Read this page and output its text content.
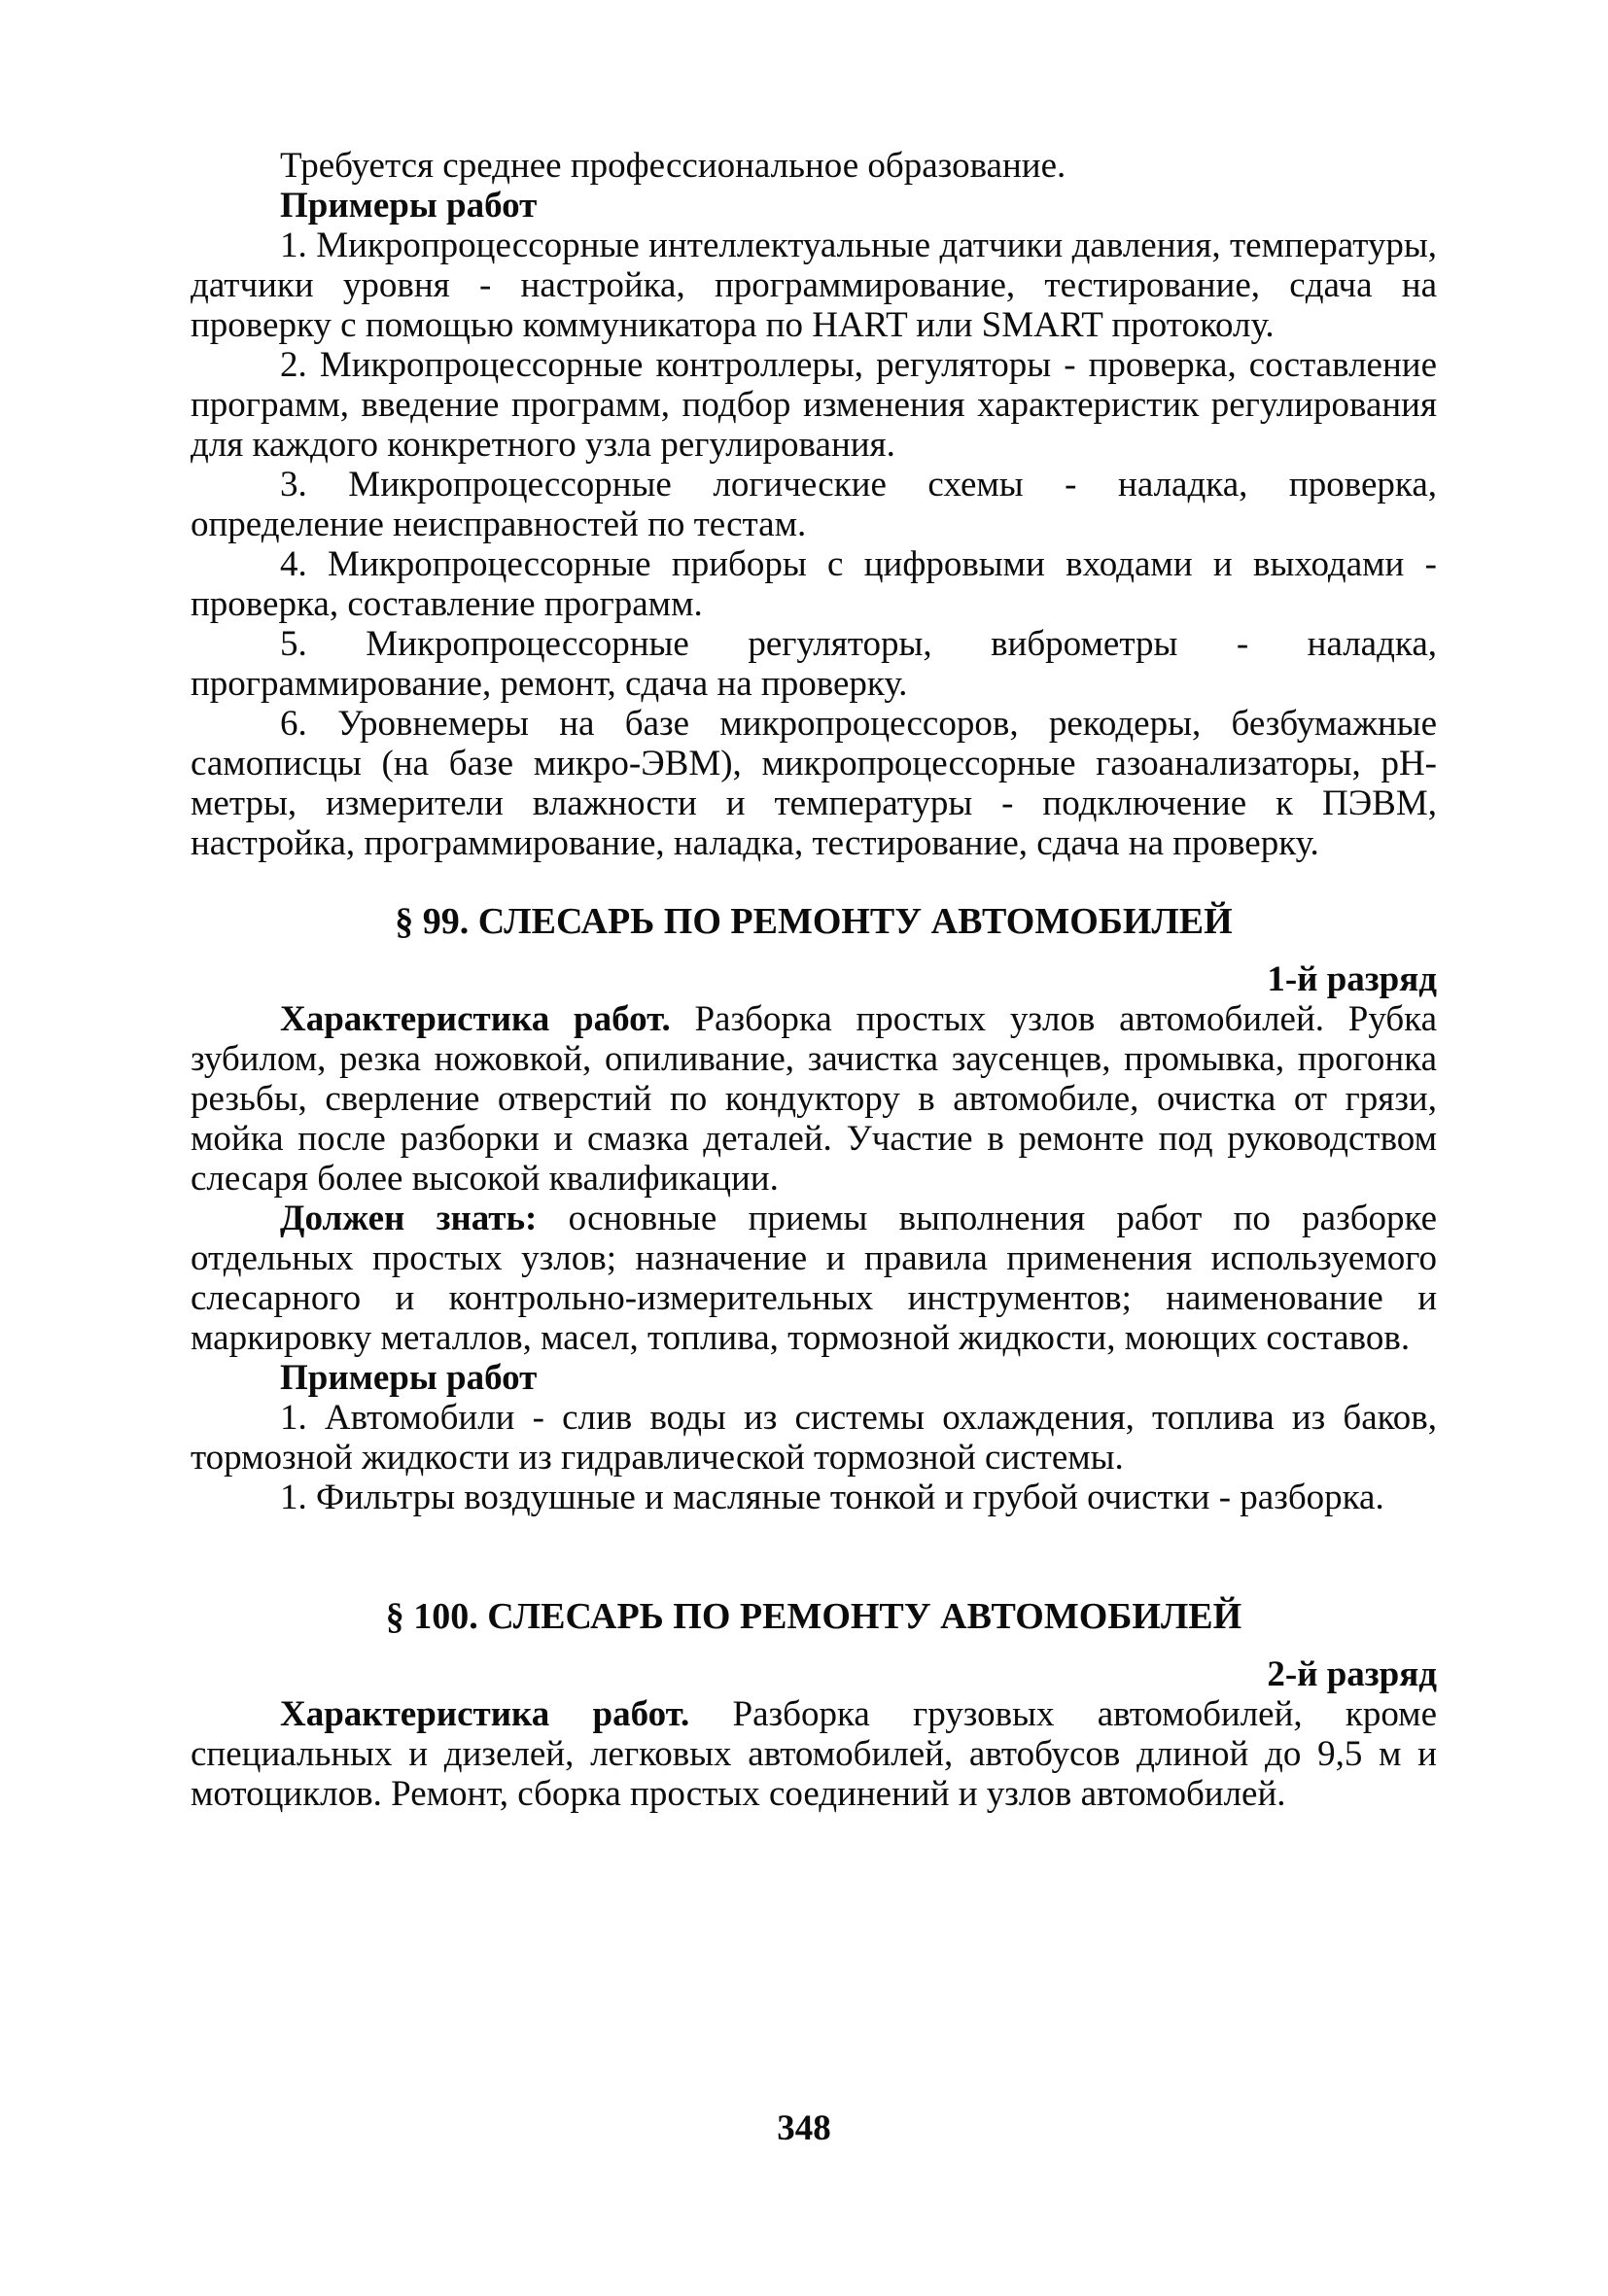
Требуется среднее профессиональное образование.

Примеры работ

1. Микропроцессорные интеллектуальные датчики давления, температуры, датчики уровня - настройка, программирование, тестирование, сдача на проверку с помощью коммуникатора по HART или SMART протоколу.

2. Микропроцессорные контроллеры, регуляторы - проверка, составление программ, введение программ, подбор изменения характеристик регулирования для каждого конкретного узла регулирования.

3. Микропроцессорные логические схемы - наладка, проверка, определение неисправностей по тестам.

4. Микропроцессорные приборы с цифровыми входами и выходами - проверка, составление программ.

5. Микропроцессорные регуляторы, виброметры - наладка, программирование, ремонт, сдача на проверку.

6. Уровнемеры на базе микропроцессоров, рекодеры, безбумажные самописцы (на базе микро-ЭВМ), микропроцессорные газоанализаторы, pH-метры, измерители влажности и температуры - подключение к ПЭВМ, настройка, программирование, наладка, тестирование, сдача на проверку.

§ 99. СЛЕСАРЬ ПО РЕМОНТУ АВТОМОБИЛЕЙ

1-й разряд

Характеристика работ. Разборка простых узлов автомобилей. Рубка зубилом, резка ножовкой, опиливание, зачистка заусенцев, промывка, прогонка резьбы, сверление отверстий по кондуктору в автомобиле, очистка от грязи, мойка после разборки и смазка деталей. Участие в ремонте под руководством слесаря более высокой квалификации.

Должен знать: основные приемы выполнения работ по разборке отдельных простых узлов; назначение и правила применения используемого слесарного и контрольно-измерительных инструментов; наименование и маркировку металлов, масел, топлива, тормозной жидкости, моющих составов.

Примеры работ

1. Автомобили - слив воды из системы охлаждения, топлива из баков, тормозной жидкости из гидравлической тормозной системы.

1. Фильтры воздушные и масляные тонкой и грубой очистки - разборка.

§ 100. СЛЕСАРЬ ПО РЕМОНТУ АВТОМОБИЛЕЙ

2-й разряд

Характеристика работ. Разборка грузовых автомобилей, кроме специальных и дизелей, легковых автомобилей, автобусов длиной до 9,5 м и мотоциклов. Ремонт, сборка простых соединений и узлов автомобилей.

348
